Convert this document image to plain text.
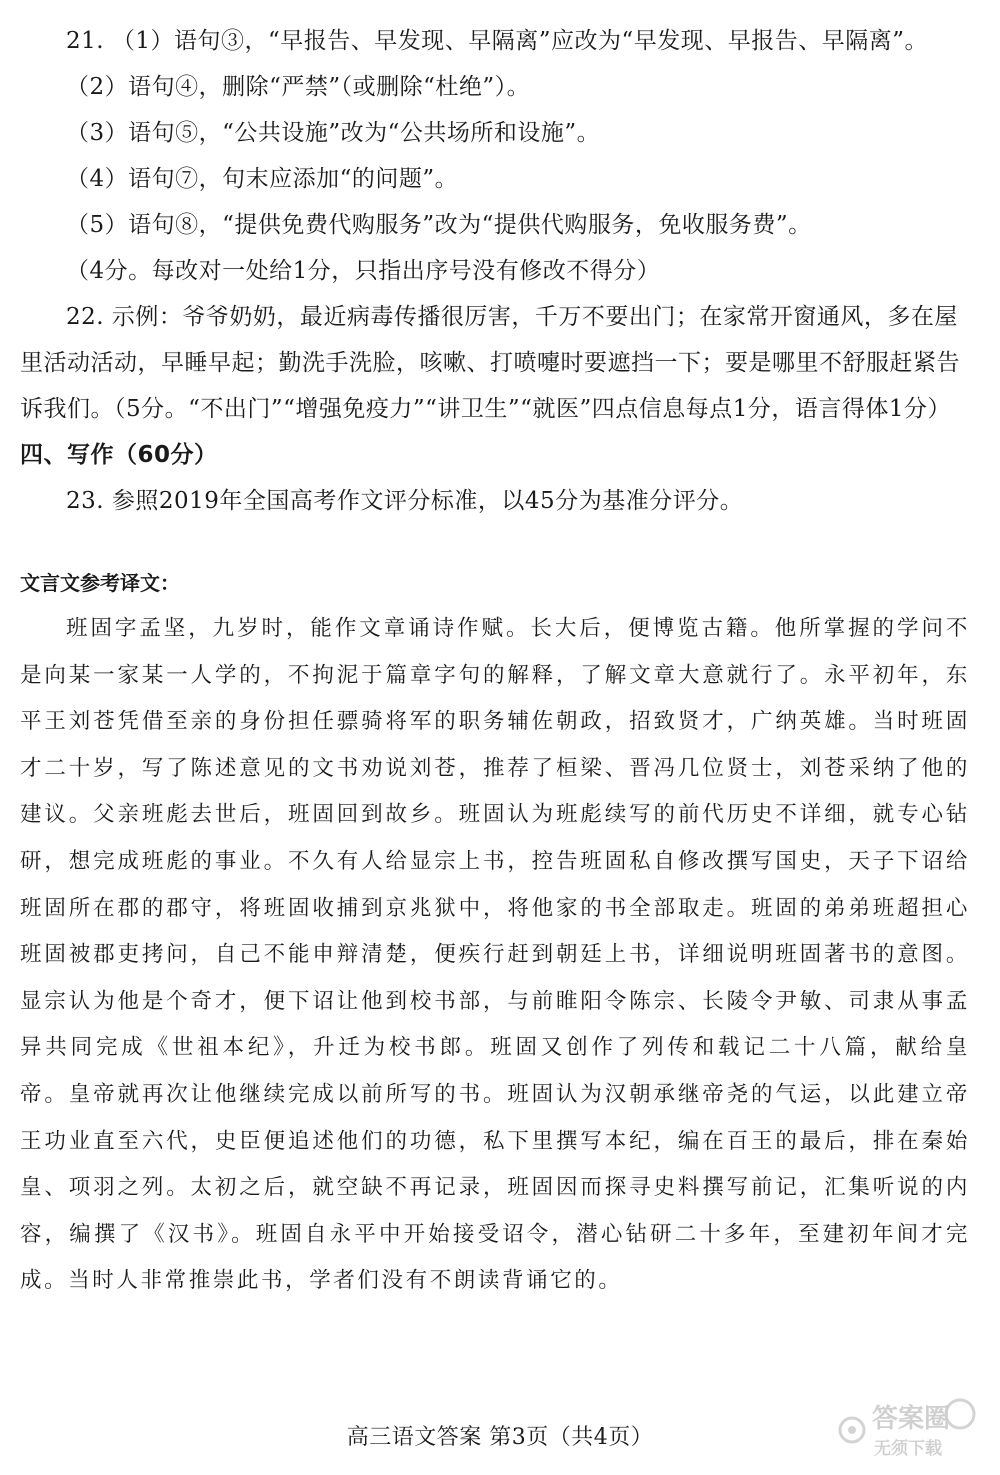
21. （1）语句③，“早报告、早发现、早隔离”应改为“早发现、早报告、早隔离”。

（2）语句④，删除“严禁”（或删除“杜绝”）。

（3）语句⑤，“公共设施”改为“公共场所和设施”。

（4）语句⑦，句末应添加“的问题”。

（5）语句⑧，“提供免费代购服务”改为“提供代购服务，免收服务费”。

（4分。每改对一处给1分，只指出序号没有修改不得分）

22. 示例：爷爷奶奶，最近病毒传播很厉害，千万不要出门；在家常开窗通风，多在屋里活动活动，早睡早起；勤洗手洗脸，咳嗽、打喷嚏时要遮挡一下；要是哪里不舒服赶紧告诉我们。（5分。“不出门”“增强免疫力”“讲卫生”“就医”四点信息每点1分，语言得体1分）

四、写作（60分）

23. 参照2019年全国高考作文评分标准，以45分为基准分评分。

文言文参考译文：

班固字孟坚，九岁时，能作文章诵诗作赋。长大后，便博览古籍。他所掌握的学问不是向某一家某一人学的，不拘泥于篇章字句的解释，了解文章大意就行了。永平初年，东平王刘苍凭借至亲的身份担任骠骑将军的职务辅佐朝政，招致贤才，广纳英雄。当时班固才二十岁，写了陈述意见的文书劝说刘苍，推荐了桓梁、晋冯几位贤士，刘苍采纳了他的建议。父亲班彪去世后，班固回到故乡。班固认为班彪续写的前代历史不详细，就专心钻研，想完成班彪的事业。不久有人给显宗上书，控告班固私自修改撰写国史，天子下诏给班固所在郡的郡守，将班固收捕到京兆狱中，将他家的书全部取走。班固的弟弟班超担心班固被郡吏拷问，自己不能申辩清楚，便疾行赶到朝廷上书，详细说明班固著书的意图。显宗认为他是个奇才，便下诏让他到校书部，与前睢阳令陈宗、长陵令尹敏、司隶从事孟异共同完成《世祖本纪》，升迁为校书郎。班固又创作了列传和载记二十八篇，献给皇帝。皇帝就再次让他继续完成以前所写的书。班固认为汉朝承继帝尧的气运，以此建立帝王功业直至六代，史臣便追述他们的功德，私下里撰写本纪，编在百王的最后，排在秦始皇、项羽之列。太初之后，就空缺不再记录，班固因而探寻史料撰写前记，汇集听说的内容，编撰了《汉书》。班固自永平中开始接受诏令，潜心钻研二十多年，至建初年间才完成。当时人非常推崇此书，学者们没有不朗读背诵它的。

高三语文答案 第3页（共4页）
答案圈
无须下载
